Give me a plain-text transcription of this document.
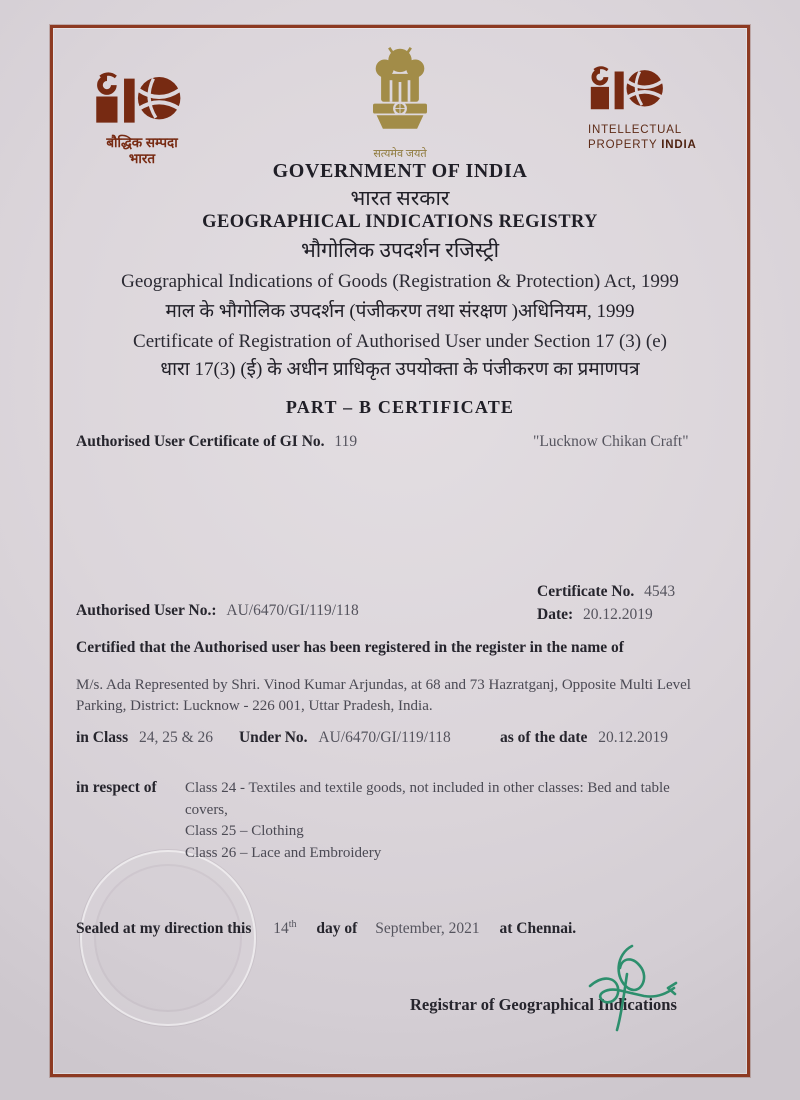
बौद्धिक सम्पदा
भारत	सत्यमेव जयते
INTELLECTUAL
PROPERTY INDIA
GOVERNMENT OF INDIA
भारत सरकार
GEOGRAPHICAL INDICATIONS REGISTRY
भौगोलिक उपदर्शन रजिस्ट्री
Geographical Indications of Goods (Registration & Protection) Act, 1999
माल के भौगोलिक उपदर्शन (पंजीकरण तथा संरक्षण )अधिनियम, 1999
Certificate of Registration of Authorised User under Section 17 (3) (e)
धारा 17(3) (ई) के अधीन प्राधिकृत उपयोक्ता के पंजीकरण का प्रमाणपत्र
PART – B CERTIFICATE
Authorised User Certificate of GI No. 119	"Lucknow Chikan Craft"
Certificate No. 4543
Authorised User No.: AU/6470/GI/119/118	Date: 20.12.2019
Certified that the Authorised user has been registered in the register in the name of
M/s. Ada Represented by Shri. Vinod Kumar Arjundas, at 68 and 73 Hazratganj, Opposite Multi Level Parking, District: Lucknow - 226 001, Uttar Pradesh, India.
in Class 24, 25 & 26 Under No. AU/6470/GI/119/118	as of the date 20.12.2019
in respect of Class 24 - Textiles and textile goods, not included in other classes: Bed and table covers,
Class 25 – Clothing
Class 26 – Lace and Embroidery
Sealed at my direction this 14th day of September, 2021 at Chennai.
Registrar of Geographical Indications
